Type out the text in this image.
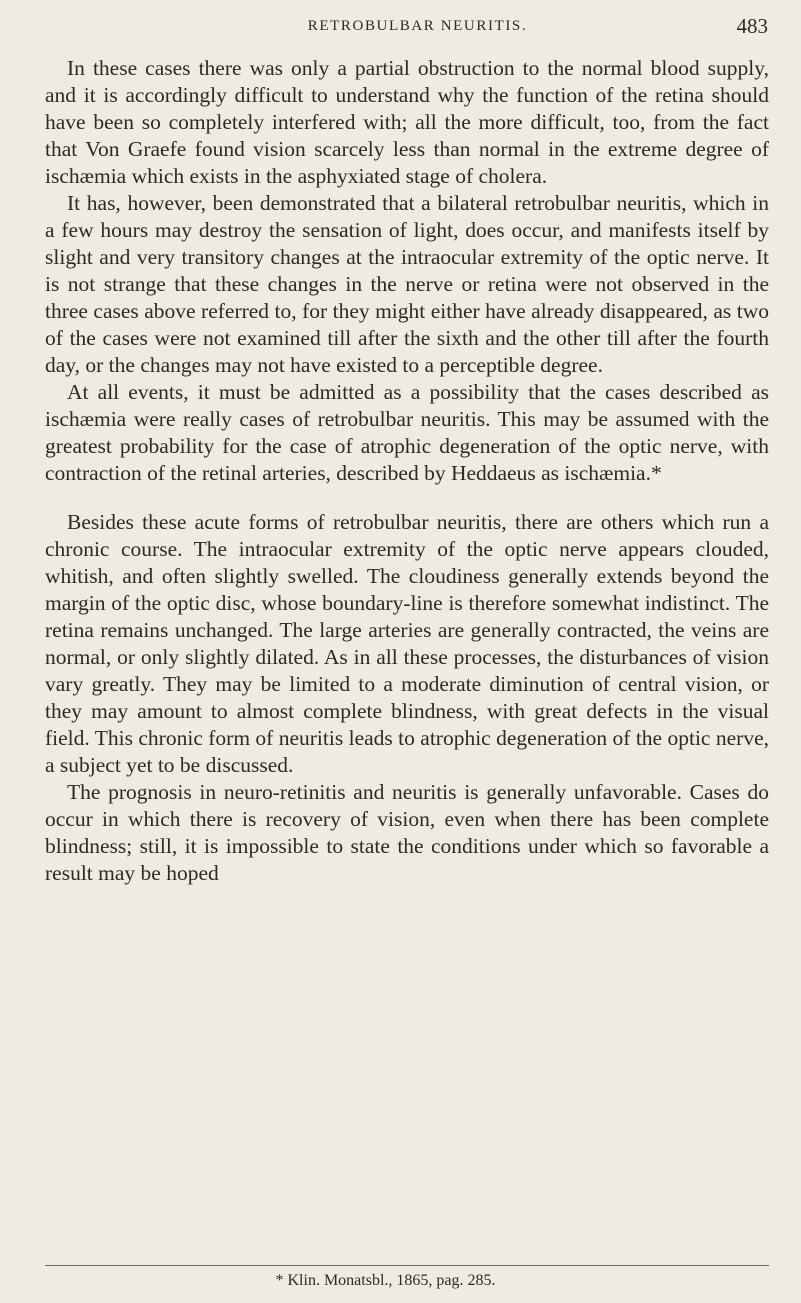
RETROBULBAR NEURITIS.	483

In these cases there was only a partial obstruction to the normal blood supply, and it is accordingly difficult to understand why the function of the retina should have been so completely interfered with; all the more difficult, too, from the fact that Von Graefe found vision scarcely less than normal in the extreme degree of ischæmia which exists in the asphyxiated stage of cholera.

It has, however, been demonstrated that a bilateral retrobulbar neuritis, which in a few hours may destroy the sensation of light, does occur, and manifests itself by slight and very transitory changes at the intraocular extremity of the optic nerve. It is not strange that these changes in the nerve or retina were not observed in the three cases above referred to, for they might either have already disappeared, as two of the cases were not examined till after the sixth and the other till after the fourth day, or the changes may not have existed to a perceptible degree.

At all events, it must be admitted as a possibility that the cases described as ischæmia were really cases of retrobulbar neuritis. This may be assumed with the greatest probability for the case of atrophic degeneration of the optic nerve, with contraction of the retinal arteries, described by Heddaeus as ischæmia.*

Besides these acute forms of retrobulbar neuritis, there are others which run a chronic course. The intraocular extremity of the optic nerve appears clouded, whitish, and often slightly swelled. The cloudiness generally extends beyond the margin of the optic disc, whose boundary-line is therefore somewhat indistinct. The retina remains unchanged. The large arteries are generally contracted, the veins are normal, or only slightly dilated. As in all these processes, the disturbances of vision vary greatly. They may be limited to a moderate diminution of central vision, or they may amount to almost complete blindness, with great defects in the visual field. This chronic form of neuritis leads to atrophic degeneration of the optic nerve, a subject yet to be discussed.

The prognosis in neuro-retinitis and neuritis is generally unfavorable. Cases do occur in which there is recovery of vision, even when there has been complete blindness; still, it is impossible to state the conditions under which so favorable a result may be hoped

* Klin. Monatsbl., 1865, pag. 285.
